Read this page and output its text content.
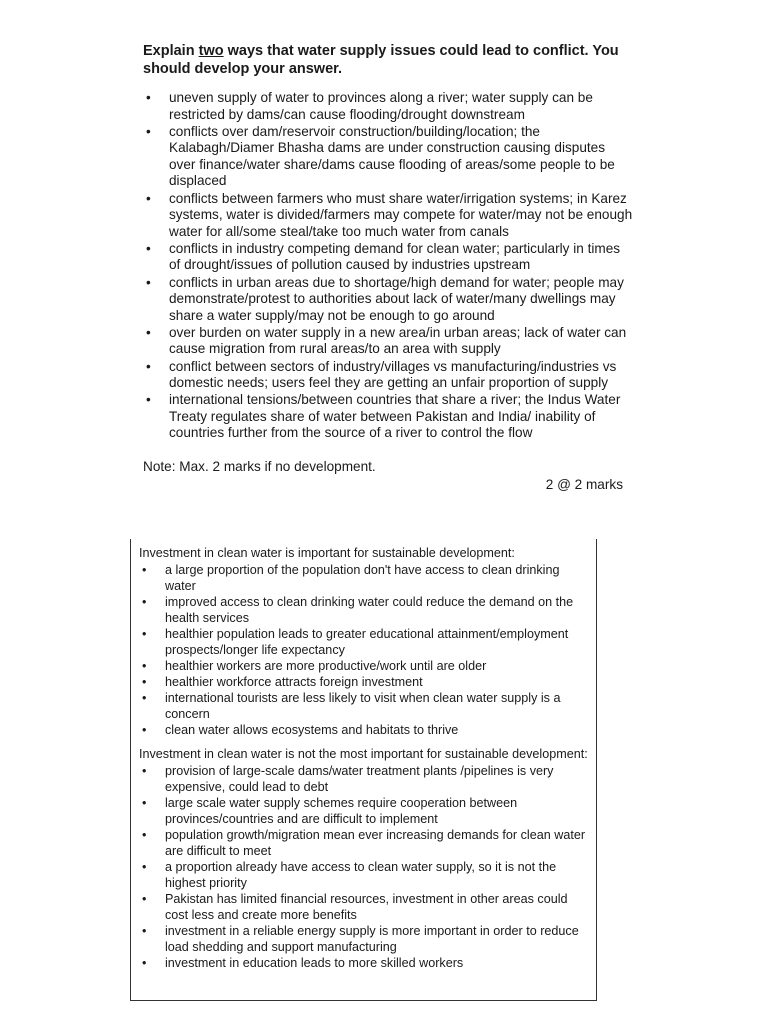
Explain two ways that water supply issues could lead to conflict. You should develop your answer.

• uneven supply of water to provinces along a river; water supply can be restricted by dams/can cause flooding/drought downstream
• conflicts over dam/reservoir construction/building/location; the Kalabagh/Diamer Bhasha dams are under construction causing disputes over finance/water share/dams cause flooding of areas/some people to be displaced
• conflicts between farmers who must share water/irrigation systems; in Karez systems, water is divided/farmers may compete for water/may not be enough water for all/some steal/take too much water from canals
• conflicts in industry competing demand for clean water; particularly in times of drought/issues of pollution caused by industries upstream
• conflicts in urban areas due to shortage/high demand for water; people may demonstrate/protest to authorities about lack of water/many dwellings may share a water supply/may not be enough to go around
• over burden on water supply in a new area/in urban areas; lack of water can cause migration from rural areas/to an area with supply
• conflict between sectors of industry/villages vs manufacturing/industries vs domestic needs; users feel they are getting an unfair proportion of supply
• international tensions/between countries that share a river; the Indus Water Treaty regulates share of water between Pakistan and India/ inability of countries further from the source of a river to control the flow
Note: Max. 2 marks if no development.
2 @ 2 marks
Investment in clean water is important for sustainable development:
• a large proportion of the population don't have access to clean drinking water
• improved access to clean drinking water could reduce the demand on the health services
• healthier population leads to greater educational attainment/employment prospects/longer life expectancy
• healthier workers are more productive/work until are older
• healthier workforce attracts foreign investment
• international tourists are less likely to visit when clean water supply is a concern
• clean water allows ecosystems and habitats to thrive
Investment in clean water is not the most important for sustainable development:
• provision of large-scale dams/water treatment plants /pipelines is very expensive, could lead to debt
• large scale water supply schemes require cooperation between provinces/countries and are difficult to implement
• population growth/migration mean ever increasing demands for clean water are difficult to meet
• a proportion already have access to clean water supply, so it is not the highest priority
• Pakistan has limited financial resources, investment in other areas could cost less and create more benefits
• investment in a reliable energy supply is more important in order to reduce load shedding and support manufacturing
• investment in education leads to more skilled workers
